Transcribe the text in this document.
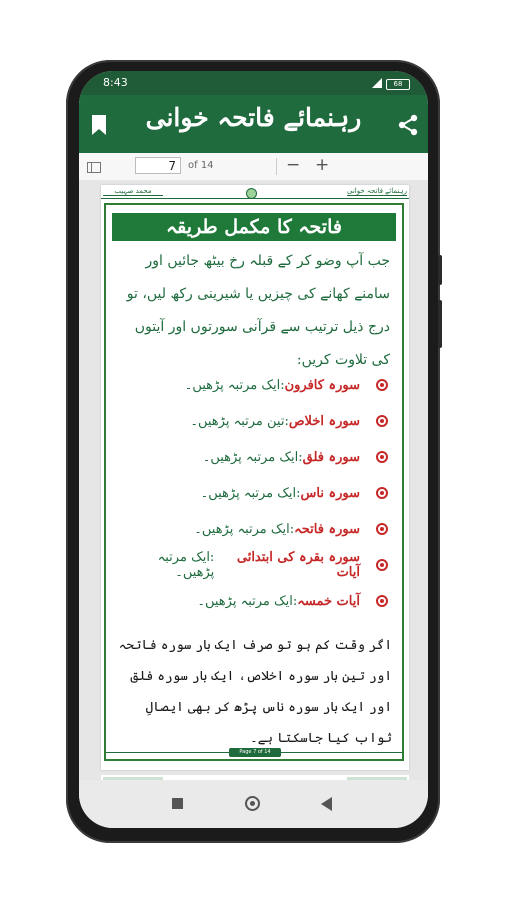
8:43	68
رہنمائے فاتحہ خوانی
7	of 14	− +
محمد صہیب	رہنمائے فاتحہ خوانی
فاتحہ کا مکمل طریقہ
جب آپ وضو کر کے قبلہ رخ بیٹھ جائیں اور سامنے کھانے کی چیزیں یا شیرینی رکھ لیں، تو درج ذیل ترتیب سے قرآنی سورتوں اور آیتوں کی تلاوت کریں:
سورہ کافرون
:ایک مرتبہ پڑھیں۔
سورہ اخلاص
:تین مرتبہ پڑھیں۔
سورہ فلق
:ایک مرتبہ پڑھیں۔
سورہ ناس
:ایک مرتبہ پڑھیں۔
سورہ فاتحہ
:ایک مرتبہ پڑھیں۔
سورہ بقرہ کی ابتدائی آیات
:ایک مرتبہ پڑھیں۔
آیات خمسہ
:ایک مرتبہ پڑھیں۔
اگر وقت کم ہو تو صرف ایک بار سورہ فاتحہ اور تین بار سورہ اخلاص، ایک بار سورہ فلق اور ایک بار سورہ ناس پڑھ کر بھی ایصالِ ثواب کیا جاسکتا ہے۔
Page 7 of 14
